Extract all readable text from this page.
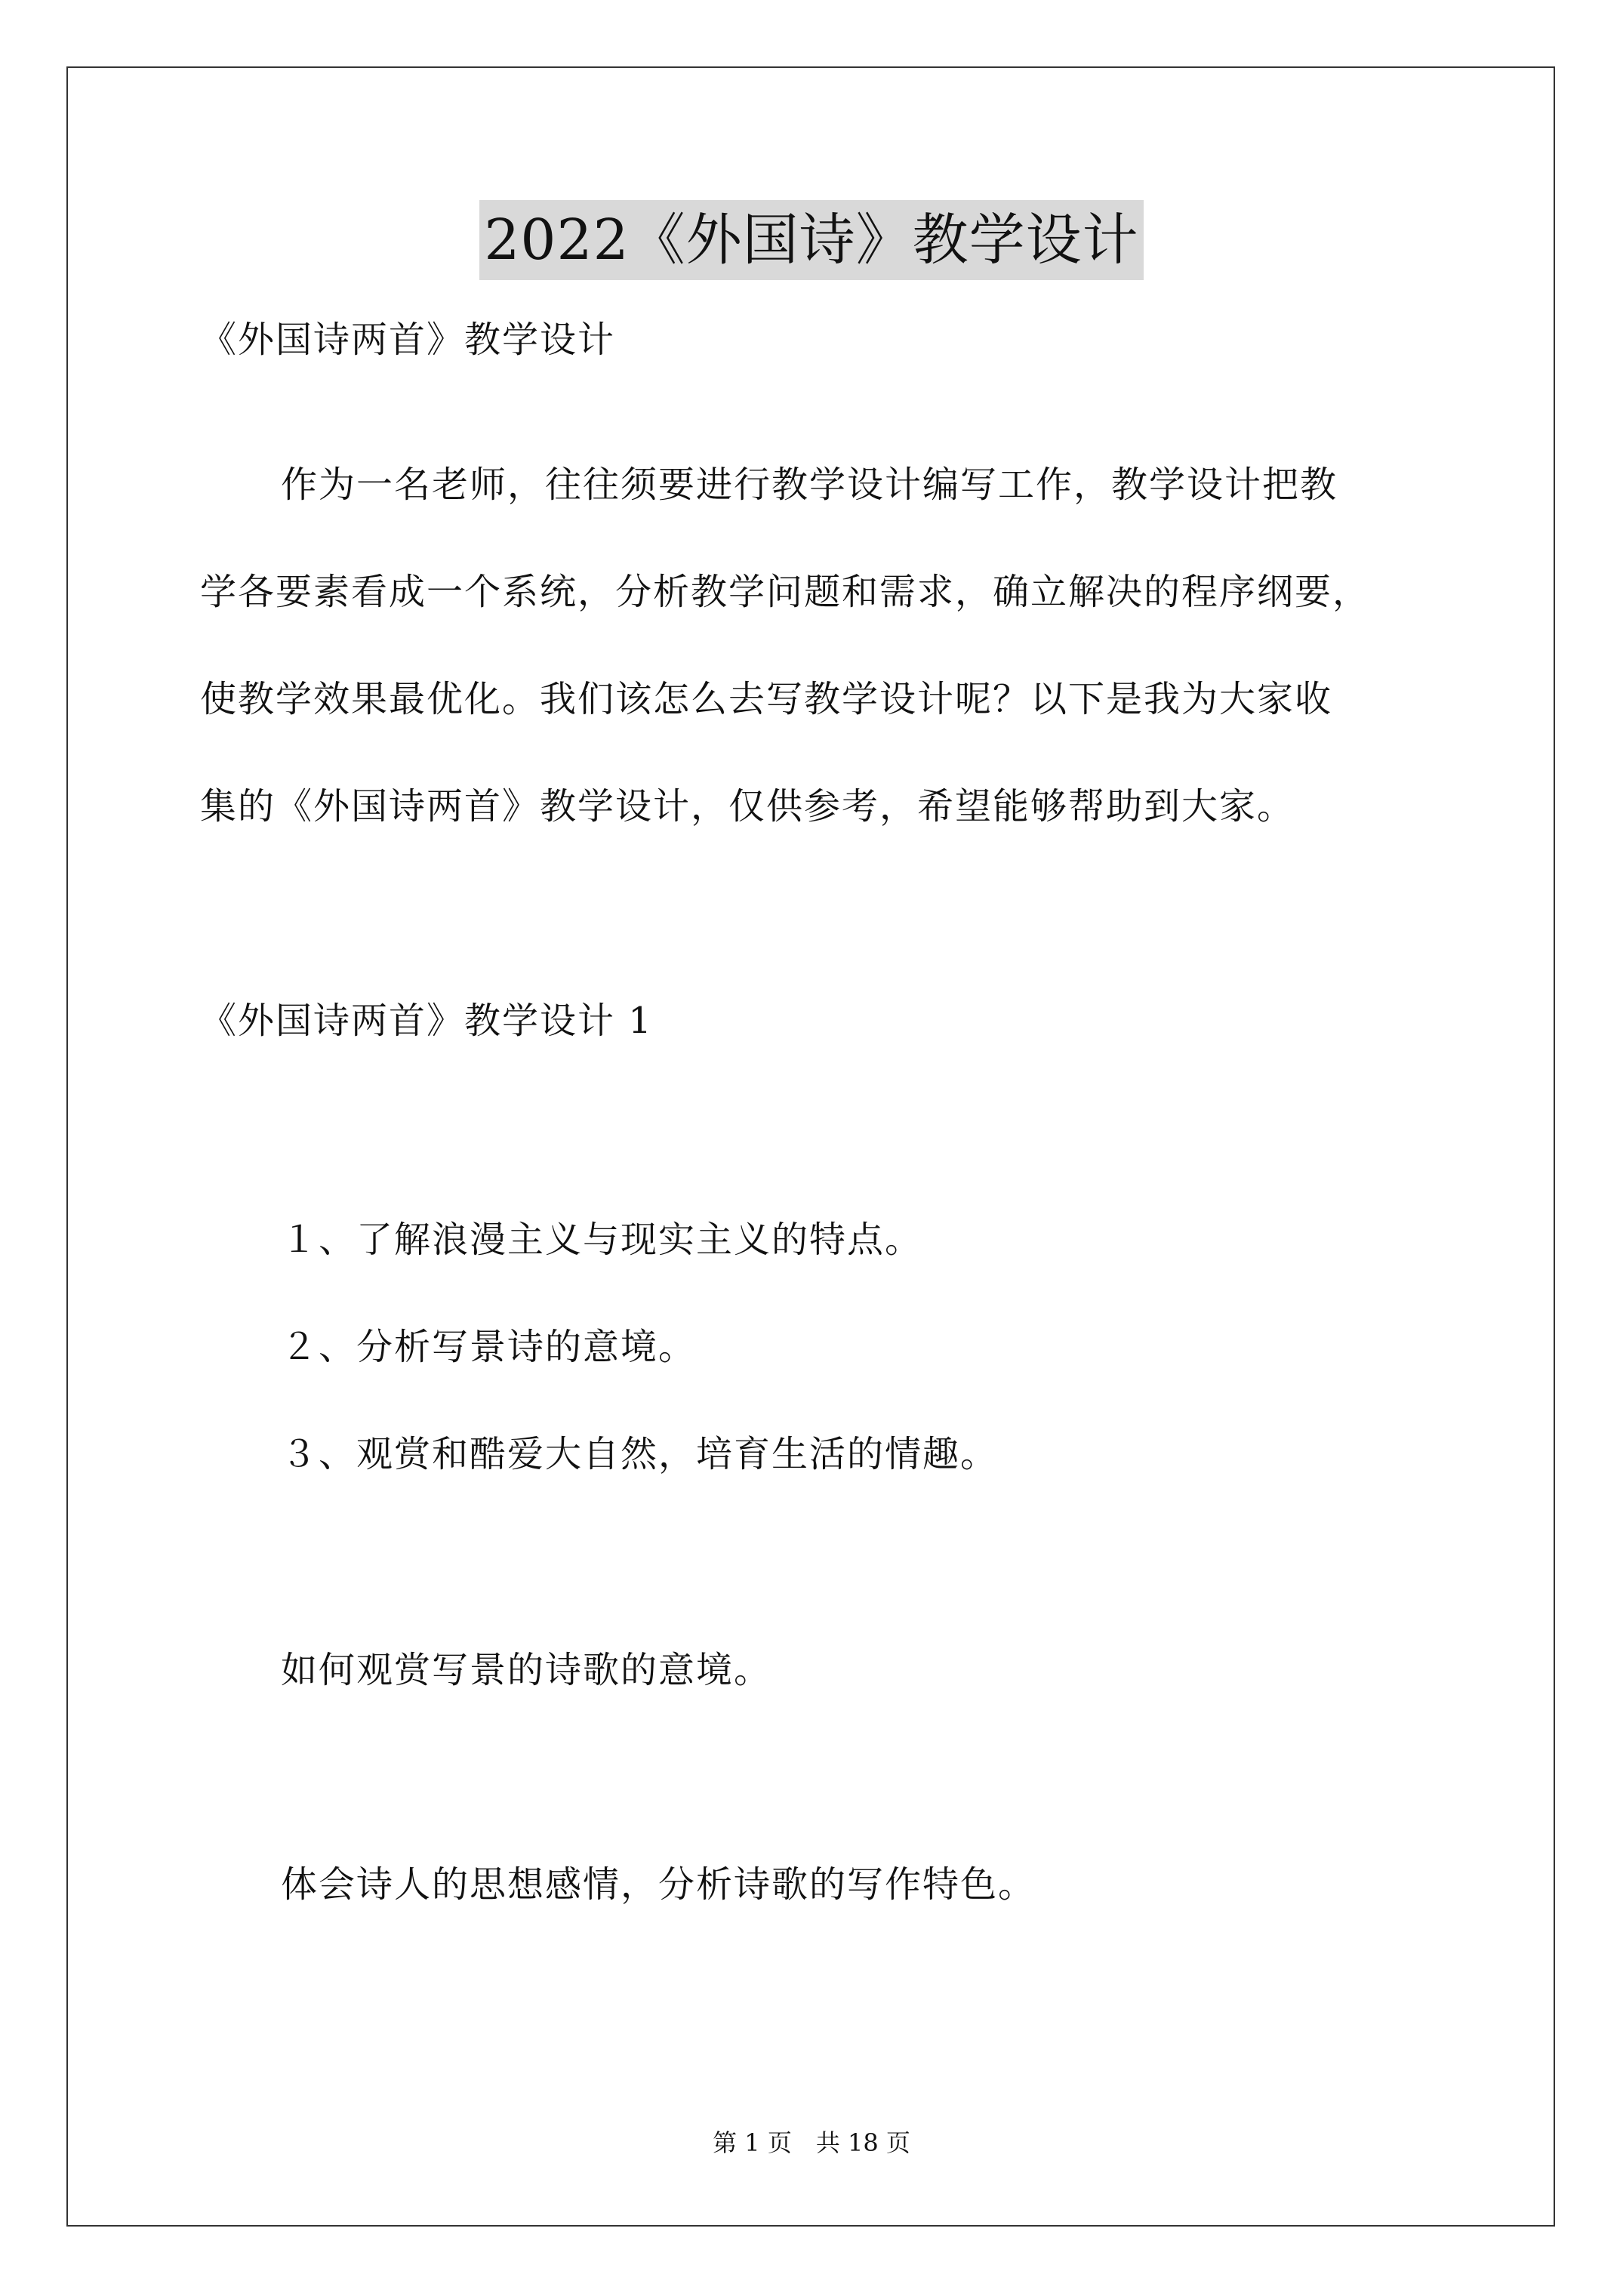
2022《外国诗》教学设计
《外国诗两首》教学设计
作为一名老师，往往须要进行教学设计编写工作，教学设计把教
学各要素看成一个系统，分析教学问题和需求，确立解决的程序纲要，
使教学效果最优化。我们该怎么去写教学设计呢？以下是我为大家收
集的《外国诗两首》教学设计，仅供参考，希望能够帮助到大家。
《外国诗两首》教学设计 1
１、了解浪漫主义与现实主义的特点。
２、分析写景诗的意境。
３、观赏和酷爱大自然，培育生活的情趣。
如何观赏写景的诗歌的意境。
体会诗人的思想感情，分析诗歌的写作特色。
第 1 页　共 18 页
